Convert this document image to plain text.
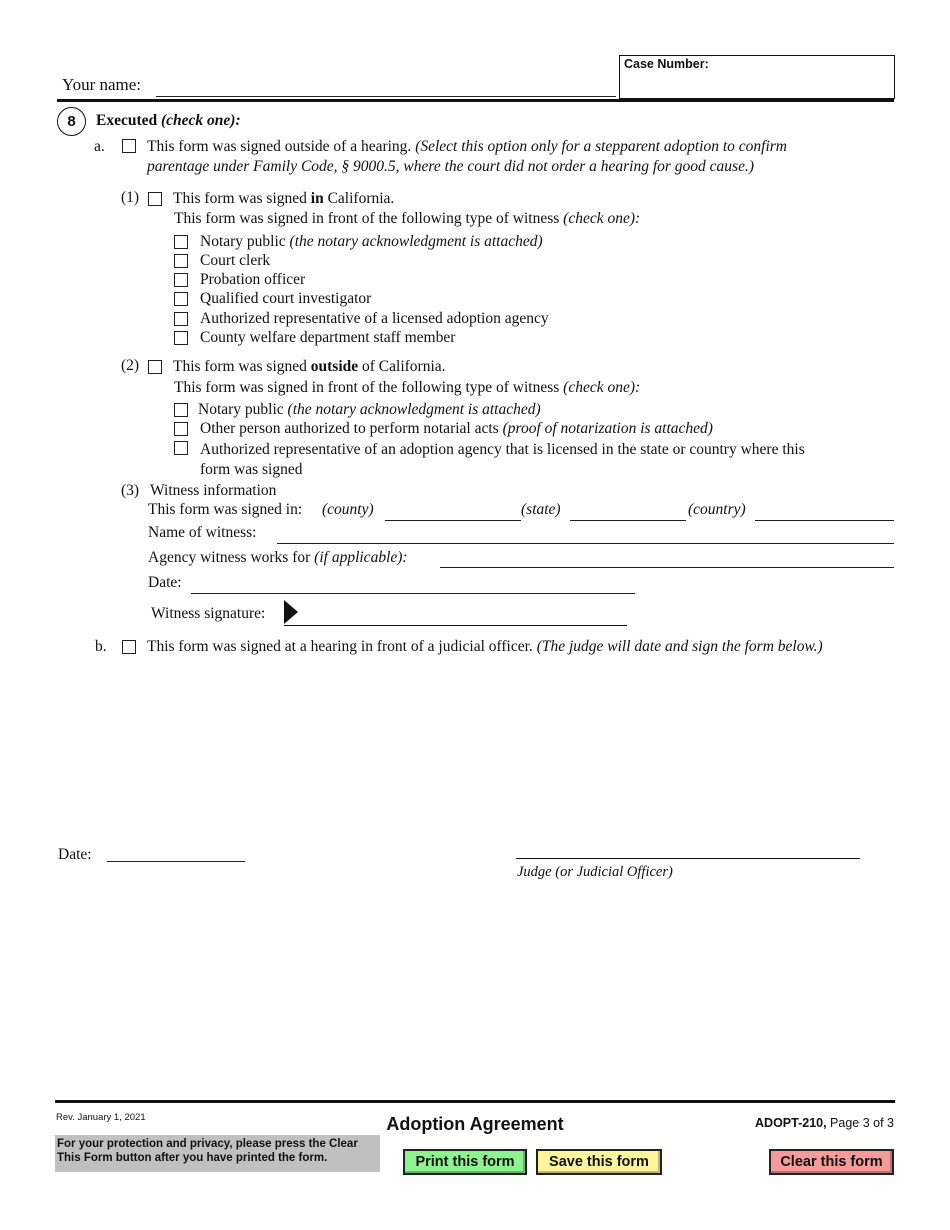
Your name:
Case Number:
8	Executed (check one):
a.	This form was signed outside of a hearing. (Select this option only for a stepparent adoption to confirm
parentage under Family Code, § 9000.5, where the court did not order a hearing for good cause.)
(1) This form was signed in California.
This form was signed in front of the following type of witness (check one):
Notary public (the notary acknowledgment is attached)
Court clerk
Probation officer
Qualified court investigator
Authorized representative of a licensed adoption agency
County welfare department staff member
(2) This form was signed outside of California.
This form was signed in front of the following type of witness (check one):
Notary public (the notary acknowledgment is attached)
Other person authorized to perform notarial acts (proof of notarization is attached)
Authorized representative of an adoption agency that is licensed in the state or country where this
form was signed
(3) Witness information
This form was signed in: (county)	(state)	(country)
Name of witness:
Agency witness works for (if applicable):
Date:
Witness signature:
b.	This form was signed at a hearing in front of a judicial officer. (The judge will date and sign the form below.)
Date:
Judge (or Judicial Officer)
Rev. January 1, 2021	Adoption Agreement	ADOPT-210, Page 3 of 3
For your protection and privacy, please press the Clear This Form button after you have printed the form.	Print this form	Save this form	Clear this form
